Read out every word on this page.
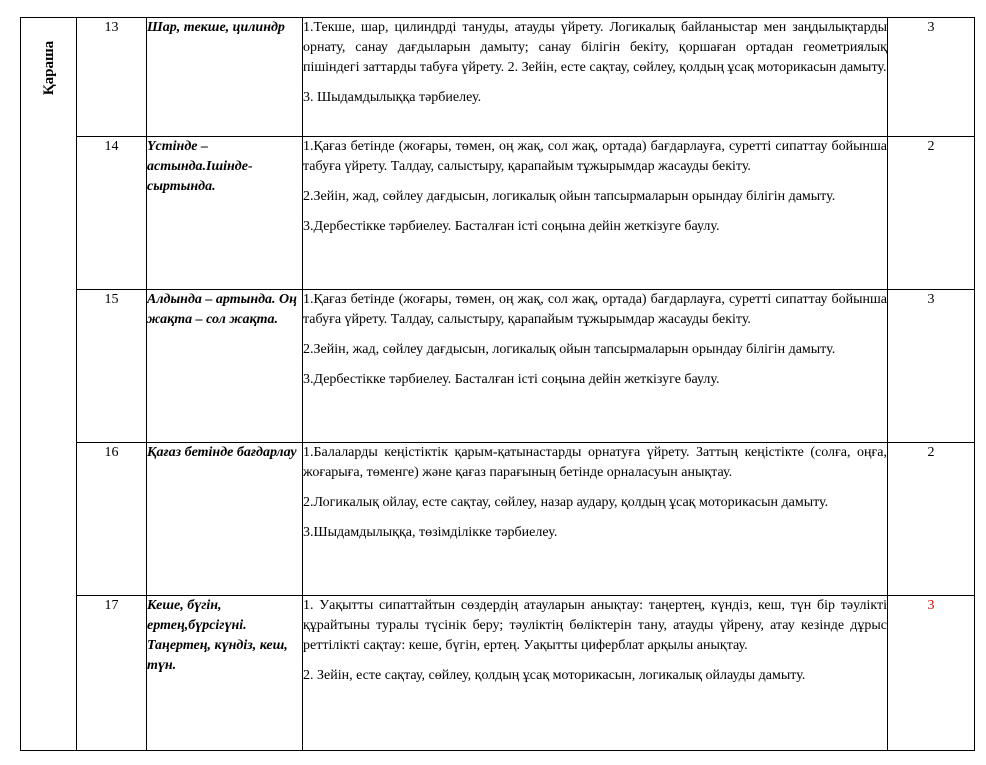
Қараша	13	Шар, текше, цилиндр	1.Текше, шар, цилиндрді тануды, атауды үйрету. Логикалық байланыстар мен заңдылықтарды орнату, санау дағдыларын дамыту; санау білігін бекіту, қоршаған ортадан геометриялық пішіндегі заттарды табуға үйрету. 2. Зейін, есте сақтау, сөйлеу, қолдың ұсақ моторикасын дамыту.

3. Шыдамдылыққа тәрбиелеу.	3
	14	Үстінде – астында.Ішінде- сыртында.	1.Қағаз бетінде (жоғары, төмен, оң жақ, сол жақ, ортада) бағдарлауға, суретті сипаттау бойынша табуға үйрету. Талдау, салыстыру, қарапайым тұжырымдар жасауды бекіту.

2.Зейін, жад, сөйлеу дағдысын, логикалық ойын тапсырмаларын орындау білігін дамыту.

3.Дербестікке тәрбиелеу. Басталған істі соңына дейін жеткізуге баулу.	2
	15	Алдында – артында. Оң жақта – сол жақта.	1.Қағаз бетінде (жоғары, төмен, оң жақ, сол жақ, ортада) бағдарлауға, суретті сипаттау бойынша табуға үйрету. Талдау, салыстыру, қарапайым тұжырымдар жасауды бекіту.

2.Зейін, жад, сөйлеу дағдысын, логикалық ойын тапсырмаларын орындау білігін дамыту.

3.Дербестікке тәрбиелеу. Басталған істі соңына дейін жеткізуге баулу.	3
	16	Қағаз бетінде бағдарлау	1.Балаларды кеңістіктік қарым-қатынастарды орнатуға үйрету. Заттың кеңістікте (солға, оңға, жоғарыға, төменге) және қағаз парағының бетінде орналасуын анықтау.

2.Логикалық ойлау, есте сақтау, сөйлеу, назар аудару, қолдың ұсақ моторикасын дамыту.

3.Шыдамдылыққа, төзімділікке тәрбиелеу.	2
	17	Кеше, бүгін, ертең,бүрсігүні. Таңертең, күндіз, кеш, түн.	1. Уақытты сипаттайтын сөздердің атауларын анықтау: таңертең, күндіз, кеш, түн бір тәулікті құрайтыны туралы түсінік беру; тәуліктің бөліктерін тану, атауды үйрену, атау кезінде дұрыс реттілікті сақтау: кеше, бүгін, ертең. Уақытты циферблат арқылы анықтау.

2. Зейін, есте сақтау, сөйлеу, қолдың ұсақ моторикасын, логикалық ойлауды дамыту.	3
